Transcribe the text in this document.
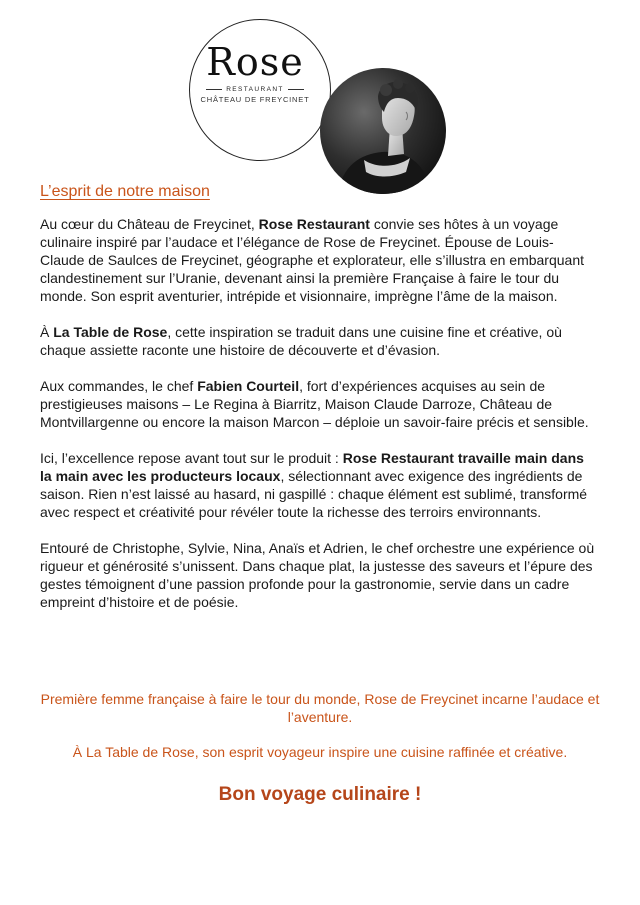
Rose
RESTAURANT
CHÂTEAU DE FREYCINET
L’esprit de notre maison

Au cœur du Château de Freycinet, Rose Restaurant convie ses hôtes à un voyage culinaire inspiré par l’audace et l’élégance de Rose de Freycinet. Épouse de Louis-Claude de Saulces de Freycinet, géographe et explorateur, elle s’illustra en embarquant clandestinement sur l’Uranie, devenant ainsi la première Française à faire le tour du monde. Son esprit aventurier, intrépide et visionnaire, imprègne l’âme de la maison.

À La Table de Rose, cette inspiration se traduit dans une cuisine fine et créative, où chaque assiette raconte une histoire de découverte et d’évasion.

Aux commandes, le chef Fabien Courteil, fort d’expériences acquises au sein de prestigieuses maisons – Le Regina à Biarritz, Maison Claude Darroze, Château de Montvillargenne ou encore la maison Marcon – déploie un savoir-faire précis et sensible.

Ici, l’excellence repose avant tout sur le produit : Rose Restaurant travaille main dans la main avec les producteurs locaux, sélectionnant avec exigence des ingrédients de saison. Rien n’est laissé au hasard, ni gaspillé : chaque élément est sublimé, transformé avec respect et créativité pour révéler toute la richesse des terroirs environnants.

Entouré de Christophe, Sylvie, Nina, Anaïs et Adrien, le chef orchestre une expérience où rigueur et générosité s’unissent. Dans chaque plat, la justesse des saveurs et l’épure des gestes témoignent d’une passion profonde pour la gastronomie, servie dans un cadre empreint d’histoire et de poésie.

Première femme française à faire le tour du monde, Rose de Freycinet incarne l’audace et l’aventure.
À La Table de Rose, son esprit voyageur inspire une cuisine raffinée et créative.
Bon voyage culinaire !
